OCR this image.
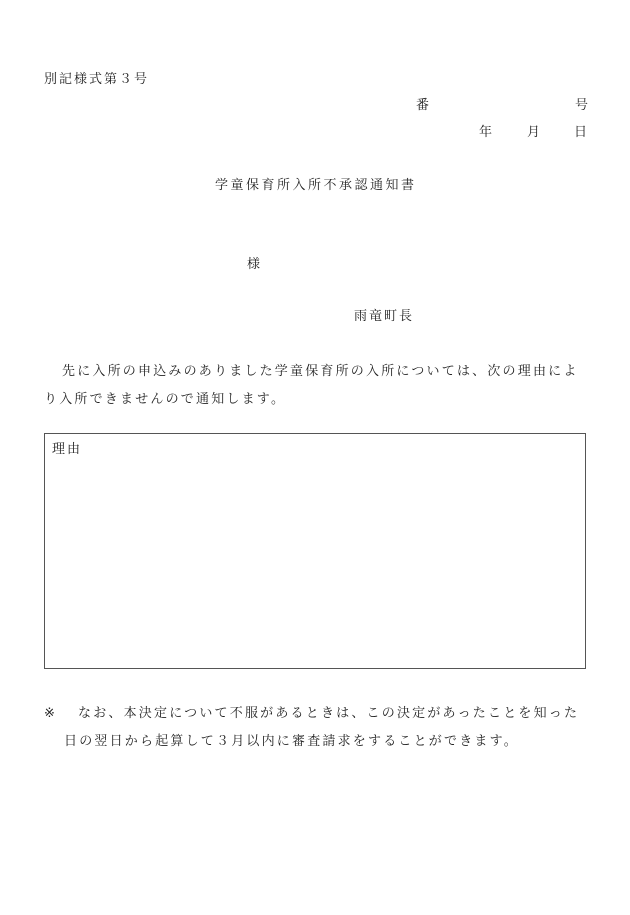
別記様式第３号
番	号
年	月 日
学童保育所入所不承認通知書
様
雨竜町長
先に入所の申込みのありました学童保育所の入所については、次の理由により入所できませんので通知します。
理由
※	なお、本決定について不服があるときは、この決定があったことを知った
日の翌日から起算して３月以内に審査請求をすることができます。
